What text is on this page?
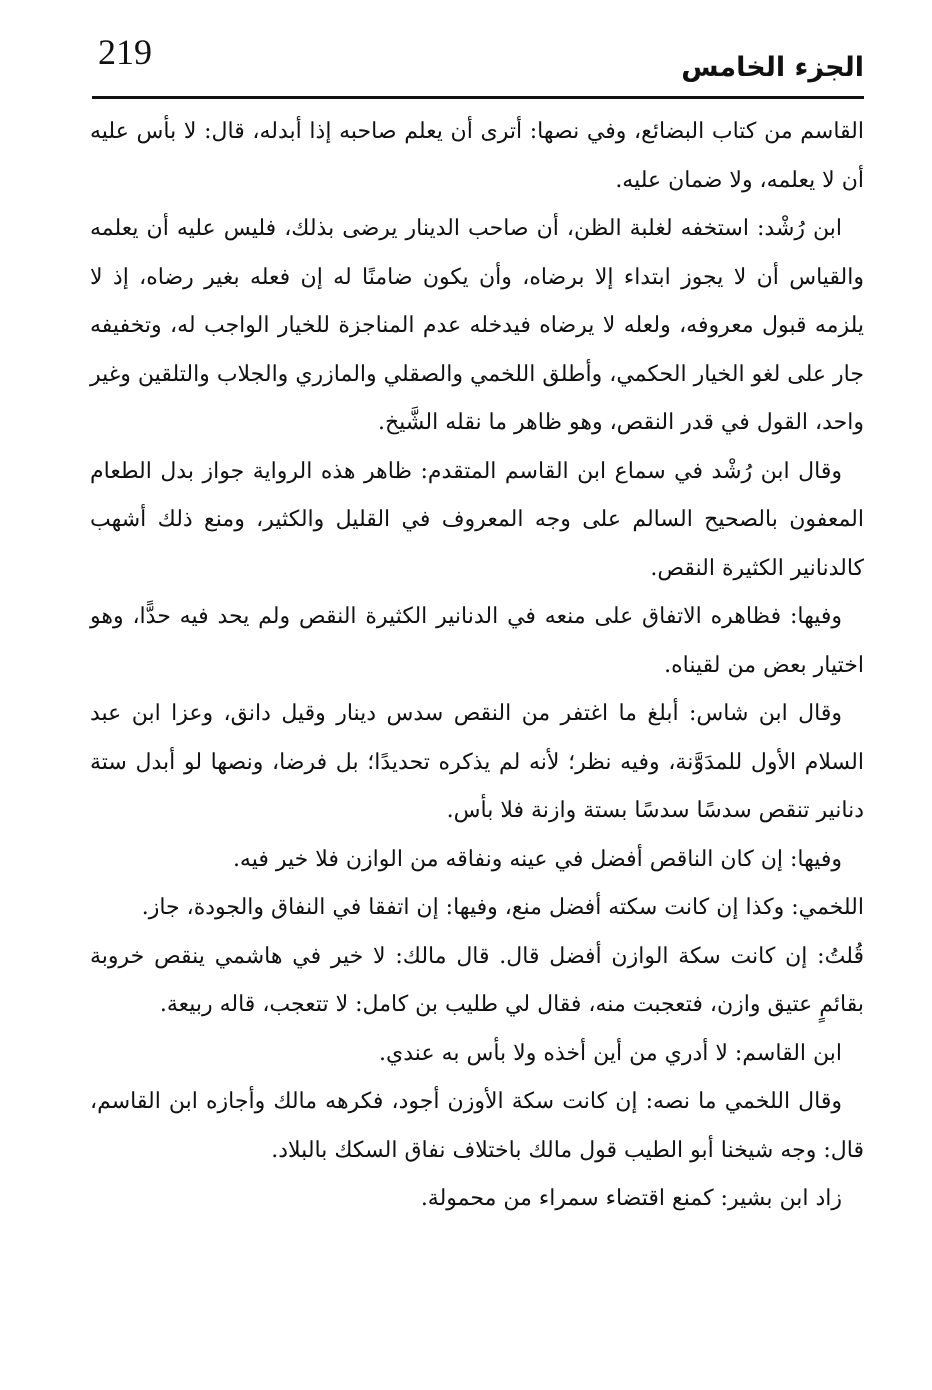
219	الجزء الخامس

القاسم من كتاب البضائع، وفي نصها: أترى أن يعلم صاحبه إذا أبدله، قال: لا بأس عليه أن لا يعلمه، ولا ضمان عليه.

ابن رُشْد: استخفه لغلبة الظن، أن صاحب الدينار يرضى بذلك، فليس عليه أن يعلمه والقياس أن لا يجوز ابتداء إلا برضاه، وأن يكون ضامنًا له إن فعله بغير رضاه، إذ لا يلزمه قبول معروفه، ولعله لا يرضاه فيدخله عدم المناجزة للخيار الواجب له، وتخفيفه جار على لغو الخيار الحكمي، وأطلق اللخمي والصقلي والمازري والجلاب والتلقين وغير واحد، القول في قدر النقص، وهو ظاهر ما نقله الشَّيخ.

وقال ابن رُشْد في سماع ابن القاسم المتقدم: ظاهر هذه الرواية جواز بدل الطعام المعفون بالصحيح السالم على وجه المعروف في القليل والكثير، ومنع ذلك أشهب كالدنانير الكثيرة النقص.

وفيها: فظاهره الاتفاق على منعه في الدنانير الكثيرة النقص ولم يحد فيه حدًّا، وهو اختيار بعض من لقيناه.

وقال ابن شاس: أبلغ ما اغتفر من النقص سدس دينار وقيل دانق، وعزا ابن عبد السلام الأول للمدَوَّنة، وفيه نظر؛ لأنه لم يذكره تحديدًا؛ بل فرضا، ونصها لو أبدل ستة دنانير تنقص سدسًا سدسًا بستة وازنة فلا بأس.

وفيها: إن كان الناقص أفضل في عينه ونفاقه من الوازن فلا خير فيه.

اللخمي: وكذا إن كانت سكته أفضل منع، وفيها: إن اتفقا في النفاق والجودة، جاز.

قُلتُ: إن كانت سكة الوازن أفضل قال. قال مالك: لا خير في هاشمي ينقص خروبة بقائمٍ عتيق وازن، فتعجبت منه، فقال لي طليب بن كامل: لا تتعجب، قاله ربيعة.

ابن القاسم: لا أدري من أين أخذه ولا بأس به عندي.

وقال اللخمي ما نصه: إن كانت سكة الأوزن أجود، فكرهه مالك وأجازه ابن القاسم، قال: وجه شيخنا أبو الطيب قول مالك باختلاف نفاق السكك بالبلاد.

زاد ابن بشير: كمنع اقتضاء سمراء من محمولة.
